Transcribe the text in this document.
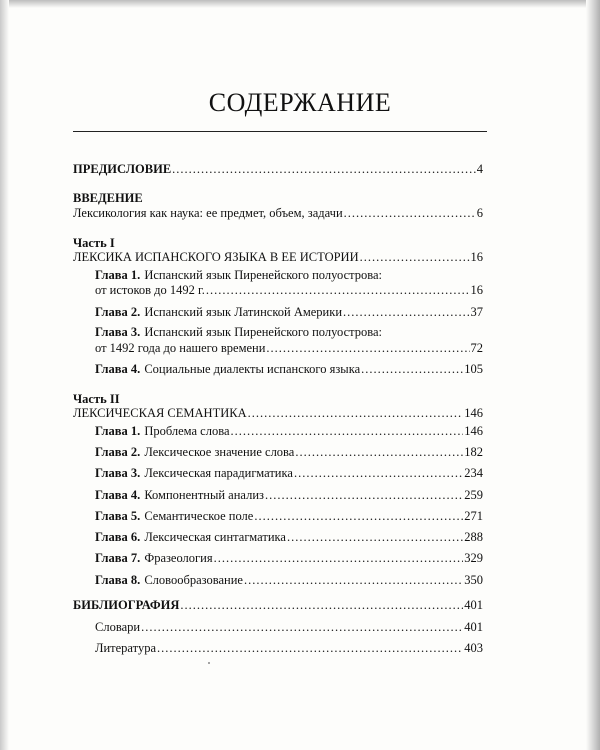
СОДЕРЖАНИЕ
ПРЕДИСЛОВИЕ .....	4
ВВЕДЕНИЕ
Лексикология как наука: ее предмет, объем, задачи .....	6
Часть I
ЛЕКСИКА ИСПАНСКОГО ЯЗЫКА В ЕЕ ИСТОРИИ .....	16
Глава 1. Испанский язык Пиренейского полуострова:
от истоков до 1492 г. .....	16
Глава 2. Испанский язык Латинской Америки .....	37
Глава 3. Испанский язык Пиренейского полуострова:
от 1492 года до нашего времени .....	72
Глава 4. Социальные диалекты испанского языка .....	105
Часть II
ЛЕКСИЧЕСКАЯ СЕМАНТИКА .....	146
Глава 1. Проблема слова .....	146
Глава 2. Лексическое значение слова .....	182
Глава 3. Лексическая парадигматика .....	234
Глава 4. Компонентный анализ .....	259
Глава 5. Семантическое поле .....	271
Глава 6. Лексическая синтагматика .....	288
Глава 7. Фразеология .....	329
Глава 8. Словообразование .....	350
БИБЛИОГРАФИЯ .....	401
Словари .....	401
Литература .....	403
